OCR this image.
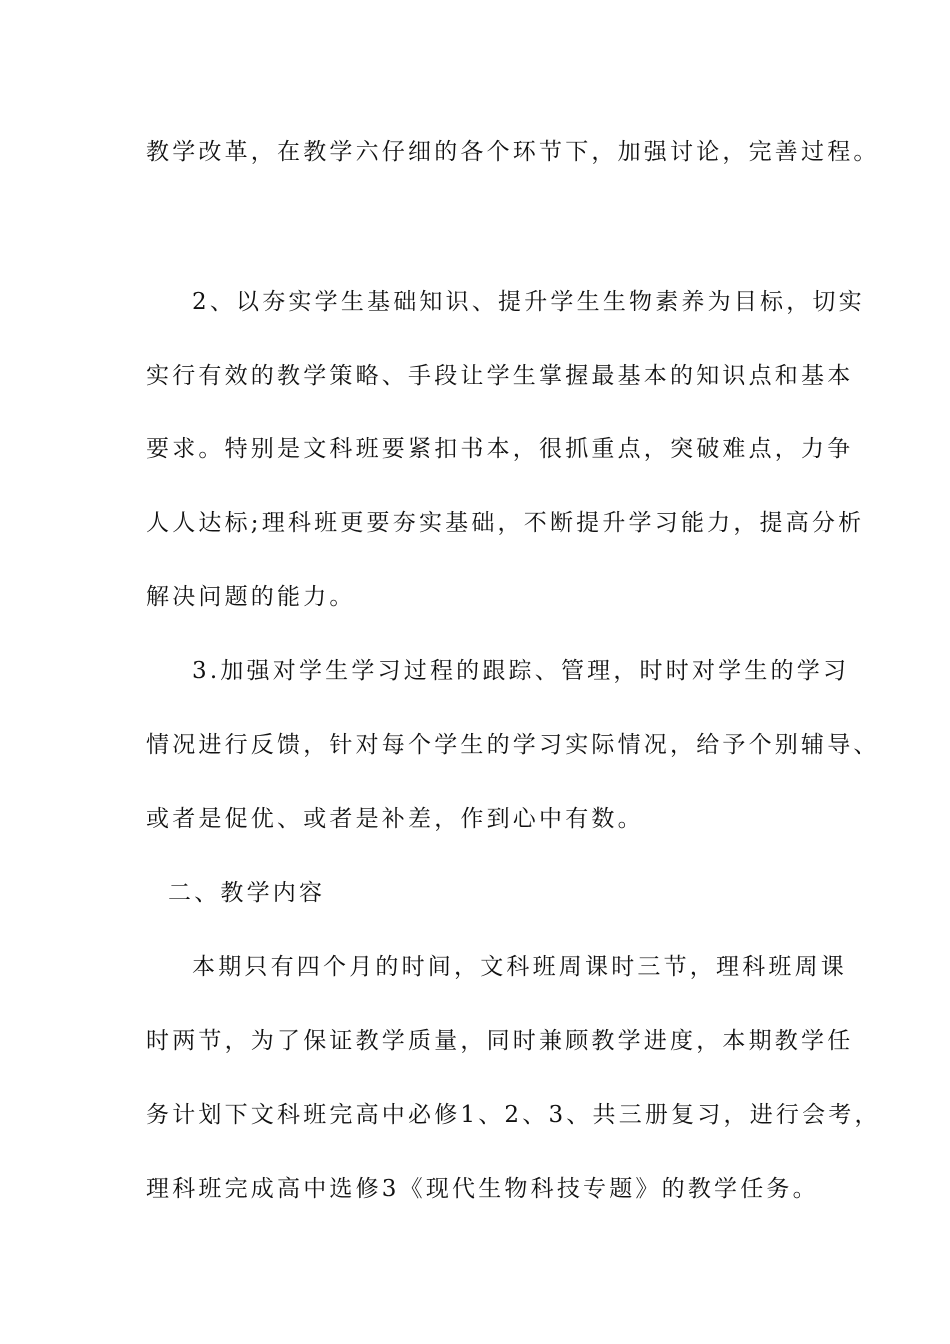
教学改革，在教学六仔细的各个环节下，加强讨论，完善过程。
2、以夯实学生基础知识、提升学生生物素养为目标，切实
实行有效的教学策略、手段让学生掌握最基本的知识点和基本
要求。特别是文科班要紧扣书本，很抓重点，突破难点，力争
人人达标;理科班更要夯实基础，不断提升学习能力，提高分析
解决问题的能力。
3.加强对学生学习过程的跟踪、管理，时时对学生的学习
情况进行反馈，针对每个学生的学习实际情况，给予个别辅导、
或者是促优、或者是补差，作到心中有数。
二、教学内容
本期只有四个月的时间，文科班周课时三节，理科班周课
时两节，为了保证教学质量，同时兼顾教学进度，本期教学任
务计划下文科班完高中必修1、2、3、共三册复习，进行会考，
理科班完成高中选修3《现代生物科技专题》的教学任务。
